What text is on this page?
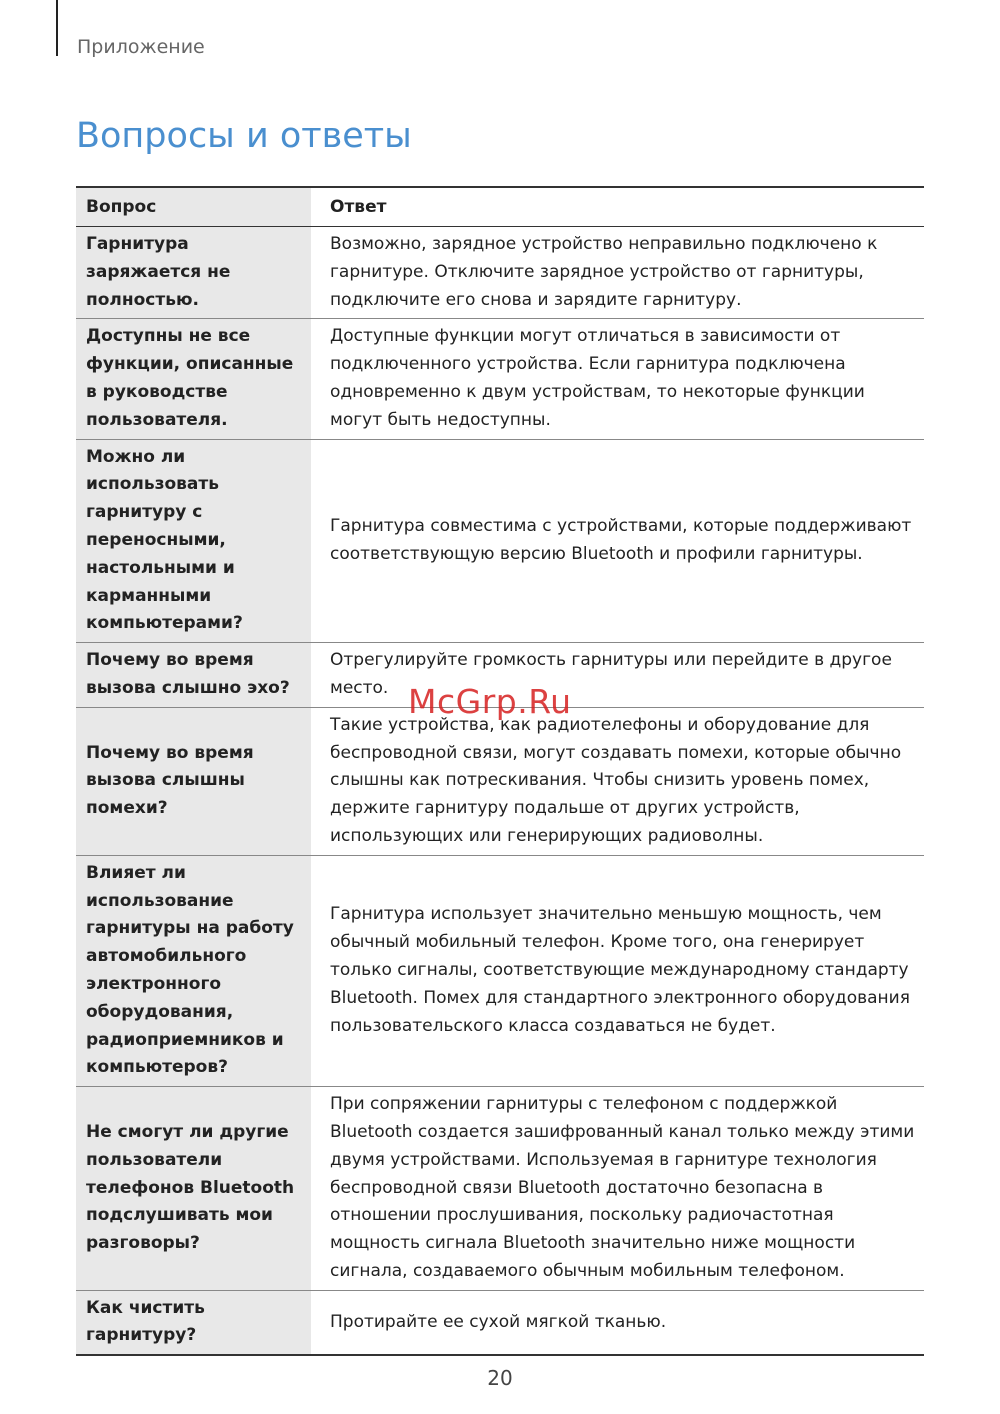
Приложение
Вопросы и ответы
Вопрос	Ответ
Гарнитура заряжается не полностью.	Возможно, зарядное устройство неправильно подключено к гарнитуре. Отключите зарядное устройство от гарнитуры, подключите его снова и зарядите гарнитуру.
Доступны не все функции, описанные в руководстве пользователя.	Доступные функции могут отличаться в зависимости от подключенного устройства. Если гарнитура подключена одновременно к двум устройствам, то некоторые функции могут быть недоступны.
Можно ли использовать гарнитуру с переносными, настольными и карманными компьютерами?	Гарнитура совместима с устройствами, которые поддерживают соответствующую версию Bluetooth и профили гарнитуры.
Почему во время вызова слышно эхо?	Отрегулируйте громкость гарнитуры или перейдите в другое место.
Почему во время вызова слышны помехи?	Такие устройства, как радиотелефоны и оборудование для беспроводной связи, могут создавать помехи, которые обычно слышны как потрескивания. Чтобы снизить уровень помех, держите гарнитуру подальше от других устройств, использующих или генерирующих радиоволны.
Влияет ли использование гарнитуры на работу автомобильного электронного оборудования, радиоприемников и компьютеров?	Гарнитура использует значительно меньшую мощность, чем обычный мобильный телефон. Кроме того, она генерирует только сигналы, соответствующие международному стандарту Bluetooth. Помех для стандартного электронного оборудования пользовательского класса создаваться не будет.
Не смогут ли другие пользователи телефонов Bluetooth подслушивать мои разговоры?	При сопряжении гарнитуры с телефоном с поддержкой Bluetooth создается зашифрованный канал только между этими двумя устройствами. Используемая в гарнитуре технология беспроводной связи Bluetooth достаточно безопасна в отношении прослушивания, поскольку радиочастотная мощность сигнала Bluetooth значительно ниже мощности сигнала, создаваемого обычным мобильным телефоном.
Как чистить гарнитуру?	Протирайте ее сухой мягкой тканью.
McGrp.Ru
20
